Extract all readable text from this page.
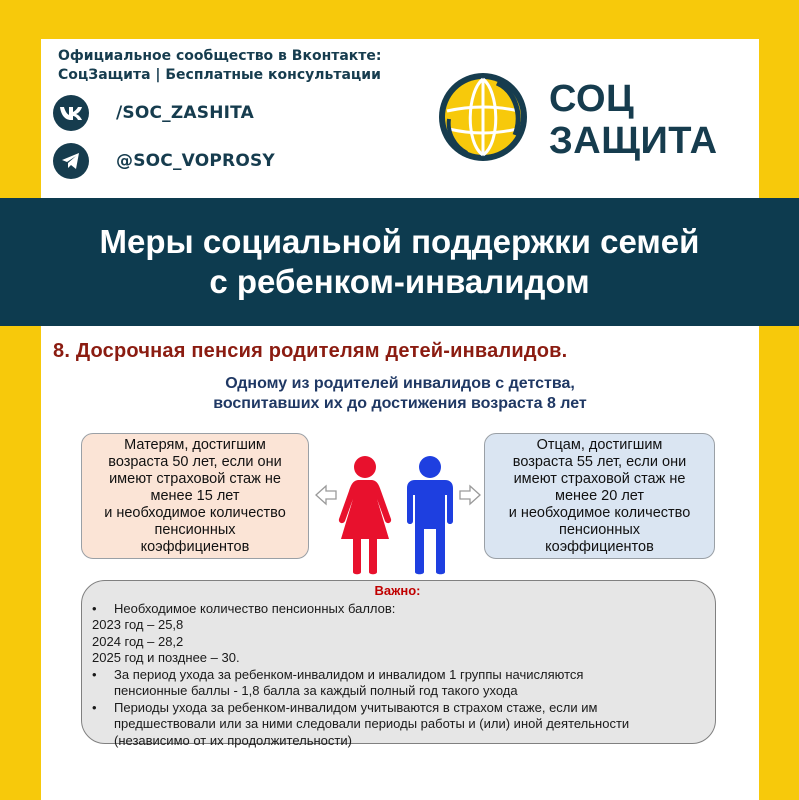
Официальное сообщество в Вконтакте:
СоцЗащита | Бесплатные консультации
/SOC_ZASHITA
@SOC_VOPROSY
СОЦ
ЗАЩИТА
Меры социальной поддержки семей
с ребенком-инвалидом
8. Досрочная пенсия родителям детей-инвалидов.
Одному из родителей инвалидов с детства,
воспитавших их до достижения возраста 8 лет
Матерям, достигшим
возраста 50 лет, если они
имеют страховой стаж не
менее 15 лет
и необходимое количество
пенсионных
коэффициентов
Отцам, достигшим
возраста 55 лет, если они
имеют страховой стаж не
менее 20 лет
и необходимое количество
пенсионных
коэффициентов
Важно:
•	Необходимое количество пенсионных баллов:
2023 год – 25,8
2024 год – 28,2
2025 год и позднее – 30.
•	За период ухода за ребенком-инвалидом и инвалидом 1 группы начисляются
пенсионные баллы - 1,8 балла за каждый полный год такого ухода
•	Периоды ухода за ребенком-инвалидом учитываются в страхом стаже, если им
предшествовали или за ними следовали периоды работы и (или) иной деятельности
(независимо от их продолжительности)
